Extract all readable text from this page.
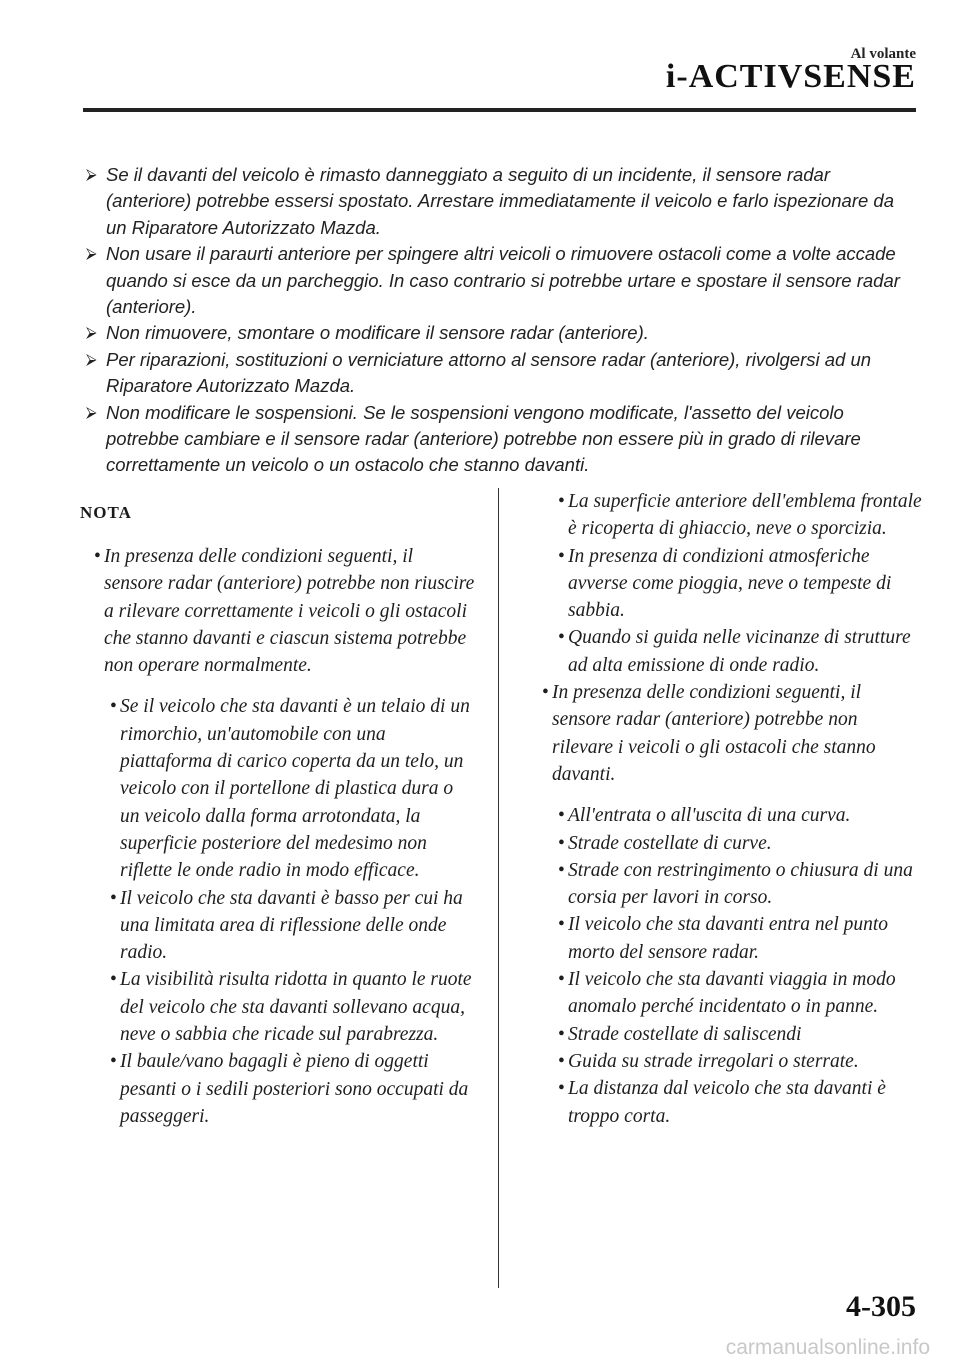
Al volante
i-ACTIVSENSE
⮚ Se il davanti del veicolo è rimasto danneggiato a seguito di un incidente, il sensore radar (anteriore) potrebbe essersi spostato. Arrestare immediatamente il veicolo e farlo ispezionare da un Riparatore Autorizzato Mazda.
⮚ Non usare il paraurti anteriore per spingere altri veicoli o rimuovere ostacoli come a volte accade quando si esce da un parcheggio. In caso contrario si potrebbe urtare e spostare il sensore radar (anteriore).
⮚ Non rimuovere, smontare o modificare il sensore radar (anteriore).
⮚ Per riparazioni, sostituzioni o verniciature attorno al sensore radar (anteriore), rivolgersi ad un Riparatore Autorizzato Mazda.
⮚ Non modificare le sospensioni. Se le sospensioni vengono modificate, l'assetto del veicolo potrebbe cambiare e il sensore radar (anteriore) potrebbe non essere più in grado di rilevare correttamente un veicolo o un ostacolo che stanno davanti.
NOTA
• In presenza delle condizioni seguenti, il sensore radar (anteriore) potrebbe non riuscire a rilevare correttamente i veicoli o gli ostacoli che stanno davanti e ciascun sistema potrebbe non operare normalmente.
• Se il veicolo che sta davanti è un telaio di un rimorchio, un'automobile con una piattaforma di carico coperta da un telo, un veicolo con il portellone di plastica dura o un veicolo dalla forma arrotondata, la superficie posteriore del medesimo non riflette le onde radio in modo efficace.
• Il veicolo che sta davanti è basso per cui ha una limitata area di riflessione delle onde radio.
• La visibilità risulta ridotta in quanto le ruote del veicolo che sta davanti sollevano acqua, neve o sabbia che ricade sul parabrezza.
• Il baule/vano bagagli è pieno di oggetti pesanti o i sedili posteriori sono occupati da passeggeri.
• La superficie anteriore dell'emblema frontale è ricoperta di ghiaccio, neve o sporcizia.
• In presenza di condizioni atmosferiche avverse come pioggia, neve o tempeste di sabbia.
• Quando si guida nelle vicinanze di strutture ad alta emissione di onde radio.
• In presenza delle condizioni seguenti, il sensore radar (anteriore) potrebbe non rilevare i veicoli o gli ostacoli che stanno davanti.
• All'entrata o all'uscita di una curva.
• Strade costellate di curve.
• Strade con restringimento o chiusura di una corsia per lavori in corso.
• Il veicolo che sta davanti entra nel punto morto del sensore radar.
• Il veicolo che sta davanti viaggia in modo anomalo perché incidentato o in panne.
• Strade costellate di saliscendi
• Guida su strade irregolari o sterrate.
• La distanza dal veicolo che sta davanti è troppo corta.
4-305
carmanualsonline.info
